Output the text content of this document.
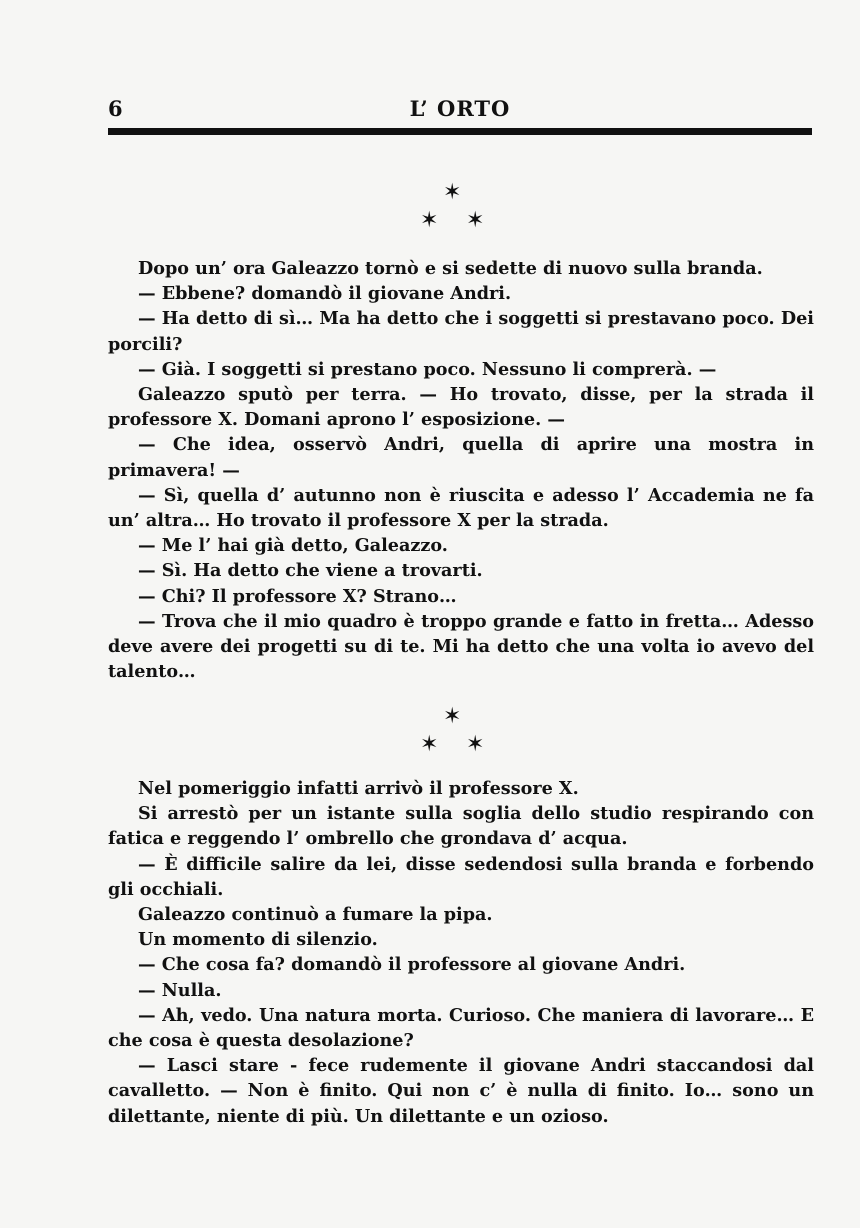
6	L’ ORTO
✶
✶ ✶

Dopo un’ ora Galeazzo tornò e si sedette di nuovo sulla branda.

— Ebbene? domandò il giovane Andri.

— Ha detto di sì… Ma ha detto che i soggetti si prestavano poco. Dei porcili?

— Già. I soggetti si prestano poco. Nessuno li comprerà. —

Galeazzo sputò per terra. — Ho trovato, disse, per la strada il professore X. Domani aprono l’ esposizione. —

— Che idea, osservò Andri, quella di aprire una mostra in primavera! —

— Sì, quella d’ autunno non è riuscita e adesso l’ Accademia ne fa un’ altra… Ho trovato il professore X per la strada.

— Me l’ hai già detto, Galeazzo.

— Sì. Ha detto che viene a trovarti.

— Chi? Il professore X? Strano…

— Trova che il mio quadro è troppo grande e fatto in fretta… Adesso deve avere dei progetti su di te. Mi ha detto che una volta io avevo del talento…

✶
✶ ✶

Nel pomeriggio infatti arrivò il professore X.

Si arrestò per un istante sulla soglia dello studio respirando con fatica e reggendo l’ ombrello che grondava d’ acqua.

— È difficile salire da lei, disse sedendosi sulla branda e forbendo gli occhiali.

Galeazzo continuò a fumare la pipa.

Un momento di silenzio.

— Che cosa fa? domandò il professore al giovane Andri.

— Nulla.

— Ah, vedo. Una natura morta. Curioso. Che maniera di lavorare… E che cosa è questa desolazione?

— Lasci stare - fece rudemente il giovane Andri staccandosi dal cavalletto. — Non è finito. Qui non c’ è nulla di finito. Io… sono un dilettante, niente di più. Un dilettante e un ozioso.
